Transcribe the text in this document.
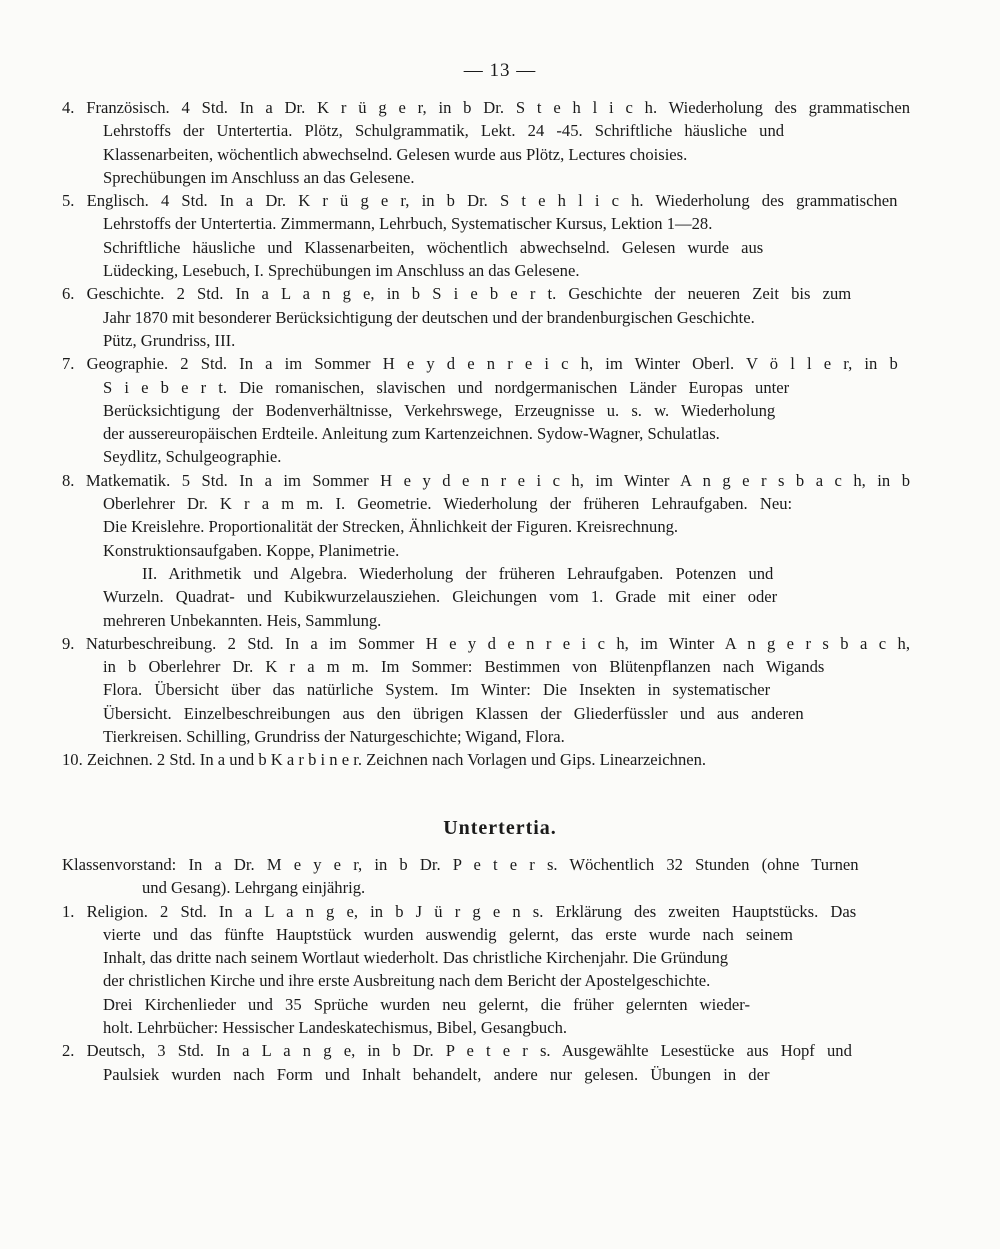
— 13 —
4. Französisch. 4 Std. In a Dr. K r ü g e r, in b Dr. S t e h l i c h. Wiederholung des grammatischen
Lehrstoffs der Untertertia. Plötz, Schulgrammatik, Lekt. 24 -45. Schriftliche häusliche und
Klassenarbeiten, wöchentlich abwechselnd. Gelesen wurde aus Plötz, Lectures choisies.
Sprechübungen im Anschluss an das Gelesene.
5. Englisch. 4 Std. In a Dr. K r ü g e r, in b Dr. S t e h l i c h. Wiederholung des grammatischen
Lehrstoffs der Untertertia. Zimmermann, Lehrbuch, Systematischer Kursus, Lektion 1—28.
Schriftliche häusliche und Klassenarbeiten, wöchentlich abwechselnd. Gelesen wurde aus
Lüdecking, Lesebuch, I. Sprechübungen im Anschluss an das Gelesene.
6. Geschichte. 2 Std. In a L a n g e, in b S i e b e r t. Geschichte der neueren Zeit bis zum
Jahr 1870 mit besonderer Berücksichtigung der deutschen und der brandenburgischen Geschichte.
Pütz, Grundriss, III.
7. Geographie. 2 Std. In a im Sommer H e y d e n r e i c h, im Winter Oberl. V ö l l e r, in b
S i e b e r t. Die romanischen, slavischen und nordgermanischen Länder Europas unter
Berücksichtigung der Bodenverhältnisse, Verkehrswege, Erzeugnisse u. s. w. Wiederholung
der aussereuropäischen Erdteile. Anleitung zum Kartenzeichnen. Sydow-Wagner, Schulatlas.
Seydlitz, Schulgeographie.
8. Matkematik. 5 Std. In a im Sommer H e y d e n r e i c h, im Winter A n g e r s b a c h, in b
Oberlehrer Dr. K r a m m. I. Geometrie. Wiederholung der früheren Lehraufgaben. Neu:
Die Kreislehre. Proportionalität der Strecken, Ähnlichkeit der Figuren. Kreisrechnung.
Konstruktionsaufgaben. Koppe, Planimetrie.
II. Arithmetik und Algebra. Wiederholung der früheren Lehraufgaben. Potenzen und
Wurzeln. Quadrat- und Kubikwurzelausziehen. Gleichungen vom 1. Grade mit einer oder
mehreren Unbekannten. Heis, Sammlung.
9. Naturbeschreibung. 2 Std. In a im Sommer H e y d e n r e i c h, im Winter A n g e r s b a c h,
in b Oberlehrer Dr. K r a m m. Im Sommer: Bestimmen von Blütenpflanzen nach Wigands
Flora. Übersicht über das natürliche System. Im Winter: Die Insekten in systematischer
Übersicht. Einzelbeschreibungen aus den übrigen Klassen der Gliederfüssler und aus anderen
Tierkreisen. Schilling, Grundriss der Naturgeschichte; Wigand, Flora.
10. Zeichnen. 2 Std. In a und b K a r b i n e r. Zeichnen nach Vorlagen und Gips. Linearzeichnen.
Untertertia.
Klassenvorstand: In a Dr. M e y e r, in b Dr. P e t e r s. Wöchentlich 32 Stunden (ohne Turnen
und Gesang). Lehrgang einjährig.
1. Religion. 2 Std. In a L a n g e, in b J ü r g e n s. Erklärung des zweiten Hauptstücks. Das
vierte und das fünfte Hauptstück wurden auswendig gelernt, das erste wurde nach seinem
Inhalt, das dritte nach seinem Wortlaut wiederholt. Das christliche Kirchenjahr. Die Gründung
der christlichen Kirche und ihre erste Ausbreitung nach dem Bericht der Apostelgeschichte.
Drei Kirchenlieder und 35 Sprüche wurden neu gelernt, die früher gelernten wieder-
holt. Lehrbücher: Hessischer Landeskatechismus, Bibel, Gesangbuch.
2. Deutsch, 3 Std. In a L a n g e, in b Dr. P e t e r s. Ausgewählte Lesestücke aus Hopf und
Paulsiek wurden nach Form und Inhalt behandelt, andere nur gelesen. Übungen in der
